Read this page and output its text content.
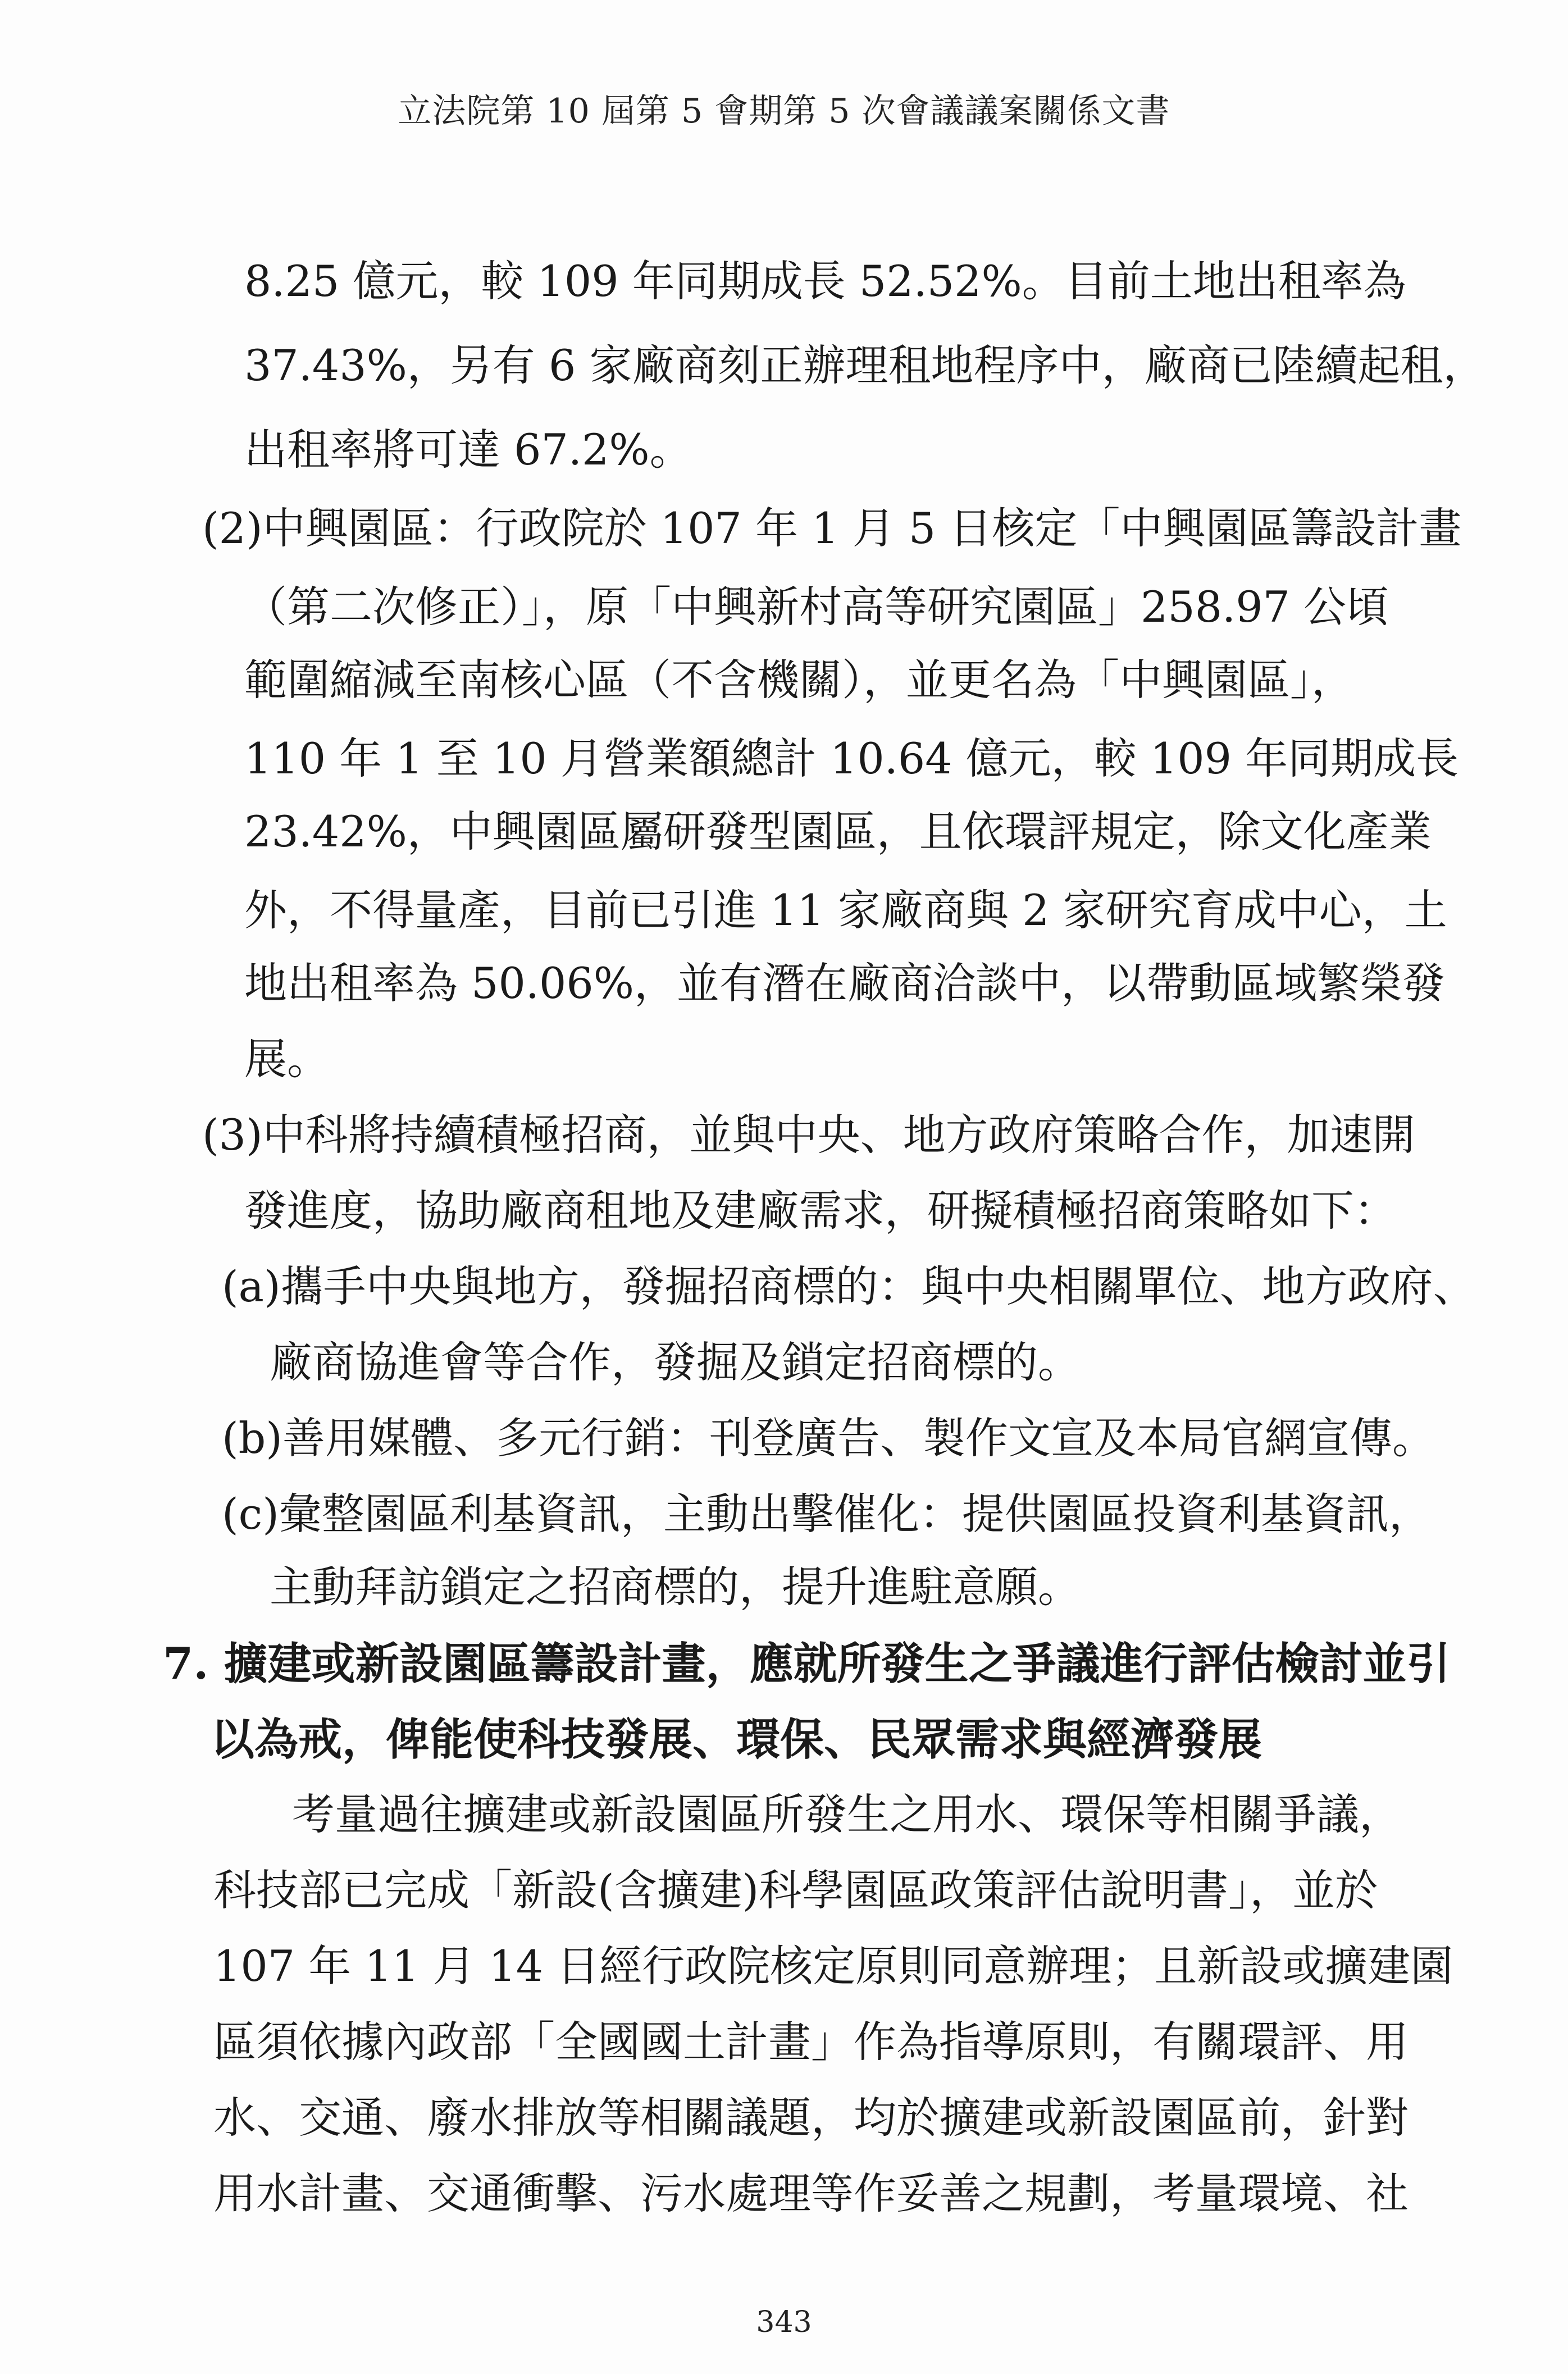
立法院第 10 屆第 5 會期第 5 次會議議案關係文書
8.25 億元，較 109 年同期成長 52.52%。目前土地出租率為
37.43%，另有 6 家廠商刻正辦理租地程序中，廠商已陸續起租，
出租率將可達 67.2%。
(2)中興園區：行政院於 107 年 1 月 5 日核定「中興園區籌設計畫
（第二次修正）」，原「中興新村高等研究園區」258.97 公頃
範圍縮減至南核心區（不含機關），並更名為「中興園區」，
110 年 1 至 10 月營業額總計 10.64 億元，較 109 年同期成長
23.42%，中興園區屬研發型園區，且依環評規定，除文化產業
外，不得量產，目前已引進 11 家廠商與 2 家研究育成中心，土
地出租率為 50.06%，並有潛在廠商洽談中，以帶動區域繁榮發
展。
(3)中科將持續積極招商，並與中央、地方政府策略合作，加速開
發進度，協助廠商租地及建廠需求，研擬積極招商策略如下：
(a)攜手中央與地方，發掘招商標的：與中央相關單位、地方政府、
廠商協進會等合作，發掘及鎖定招商標的。
(b)善用媒體、多元行銷：刊登廣告、製作文宣及本局官網宣傳。
(c)彙整園區利基資訊，主動出擊催化：提供園區投資利基資訊，
主動拜訪鎖定之招商標的，提升進駐意願。
7. 擴建或新設園區籌設計畫，應就所發生之爭議進行評估檢討並引
以為戒，俾能使科技發展、環保、民眾需求與經濟發展
考量過往擴建或新設園區所發生之用水、環保等相關爭議，
科技部已完成「新設(含擴建)科學園區政策評估說明書」，並於
107 年 11 月 14 日經行政院核定原則同意辦理；且新設或擴建園
區須依據內政部「全國國土計畫」作為指導原則，有關環評、用
水、交通、廢水排放等相關議題，均於擴建或新設園區前，針對
用水計畫、交通衝擊、污水處理等作妥善之規劃，考量環境、社
343
